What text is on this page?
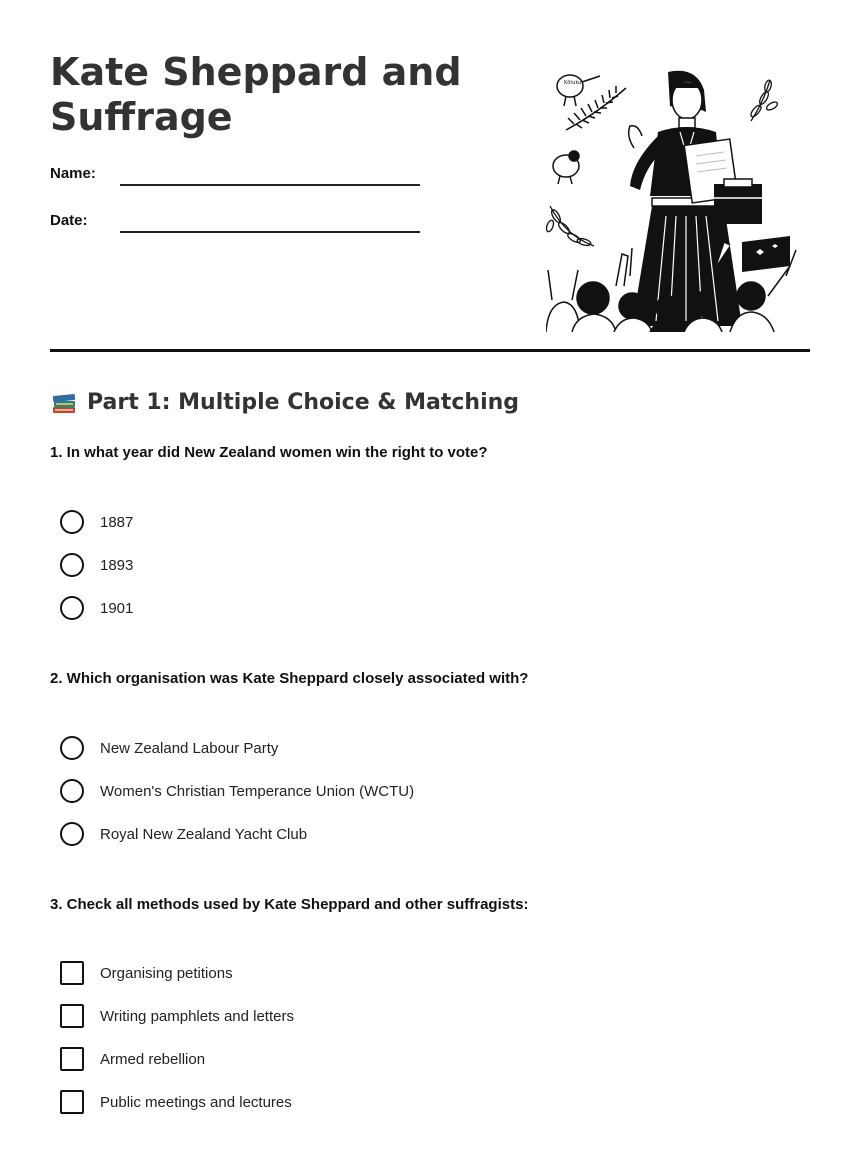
Kate Sheppard and Suffrage
Name:
Date:
Kōtuku
Part 1: Multiple Choice & Matching

1. In what year did New Zealand women win the right to vote?

1887
1893
1901

2. Which organisation was Kate Sheppard closely associated with?

New Zealand Labour Party
Women's Christian Temperance Union (WCTU)
Royal New Zealand Yacht Club

3. Check all methods used by Kate Sheppard and other suffragists:

Organising petitions
Writing pamphlets and letters
Armed rebellion
Public meetings and lectures
